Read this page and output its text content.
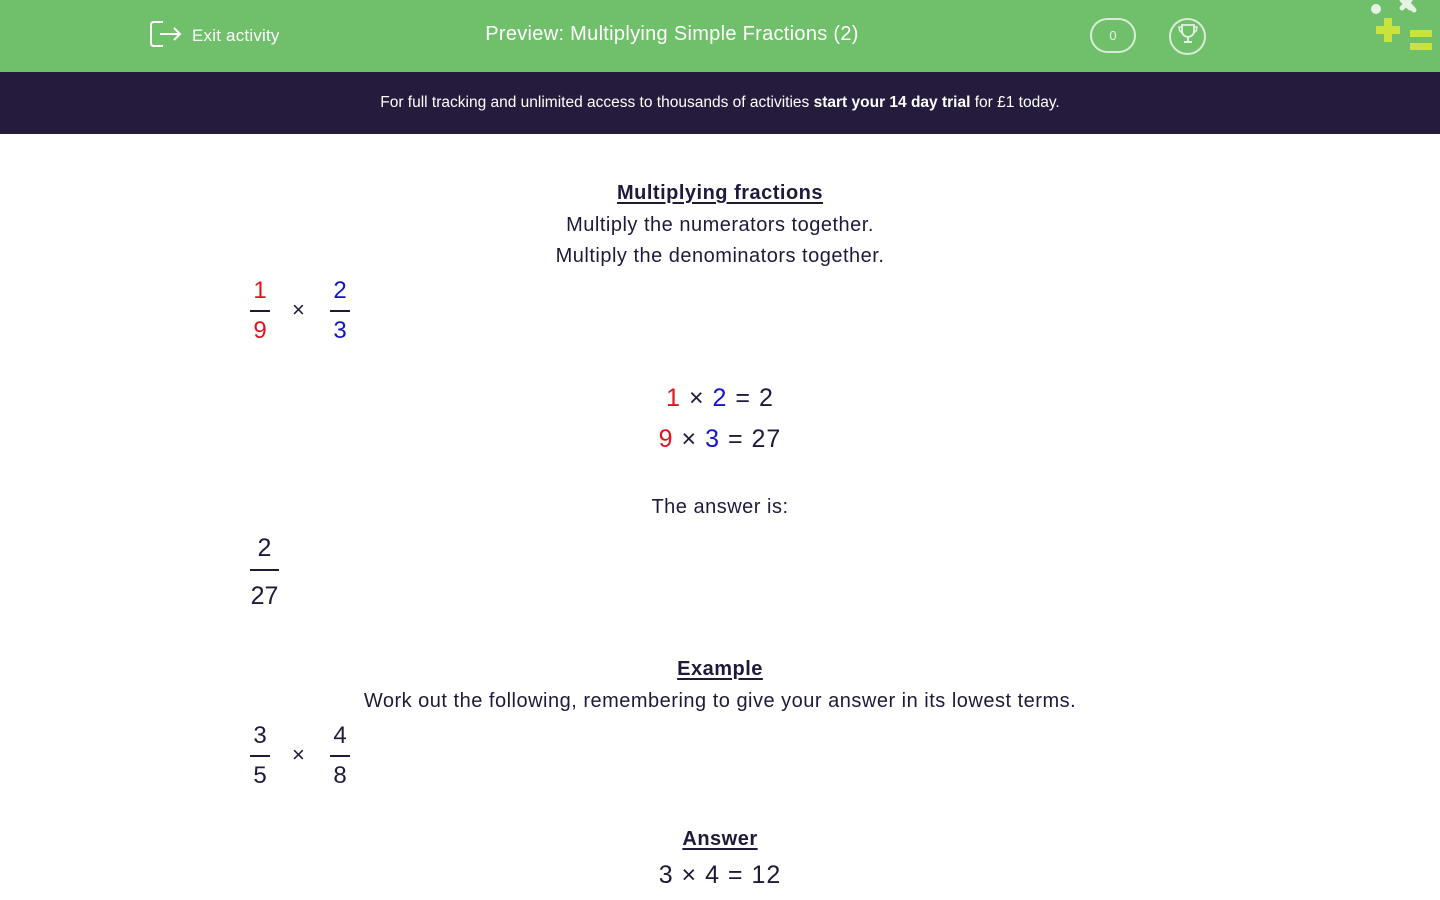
Exit activity	Preview: Multiplying Simple Fractions (2)	0
For full tracking and unlimited access to thousands of activities start your 14 day trial for £1 today.
Multiplying fractions
Multiply the numerators together.
Multiply the denominators together.
1
9
×
2
3
1 × 2 = 2
9 × 3 = 27
The answer is:
2
27
Example
Work out the following, remembering to give your answer in its lowest terms.
3
5
×
4
8
Answer
3 × 4 = 12
